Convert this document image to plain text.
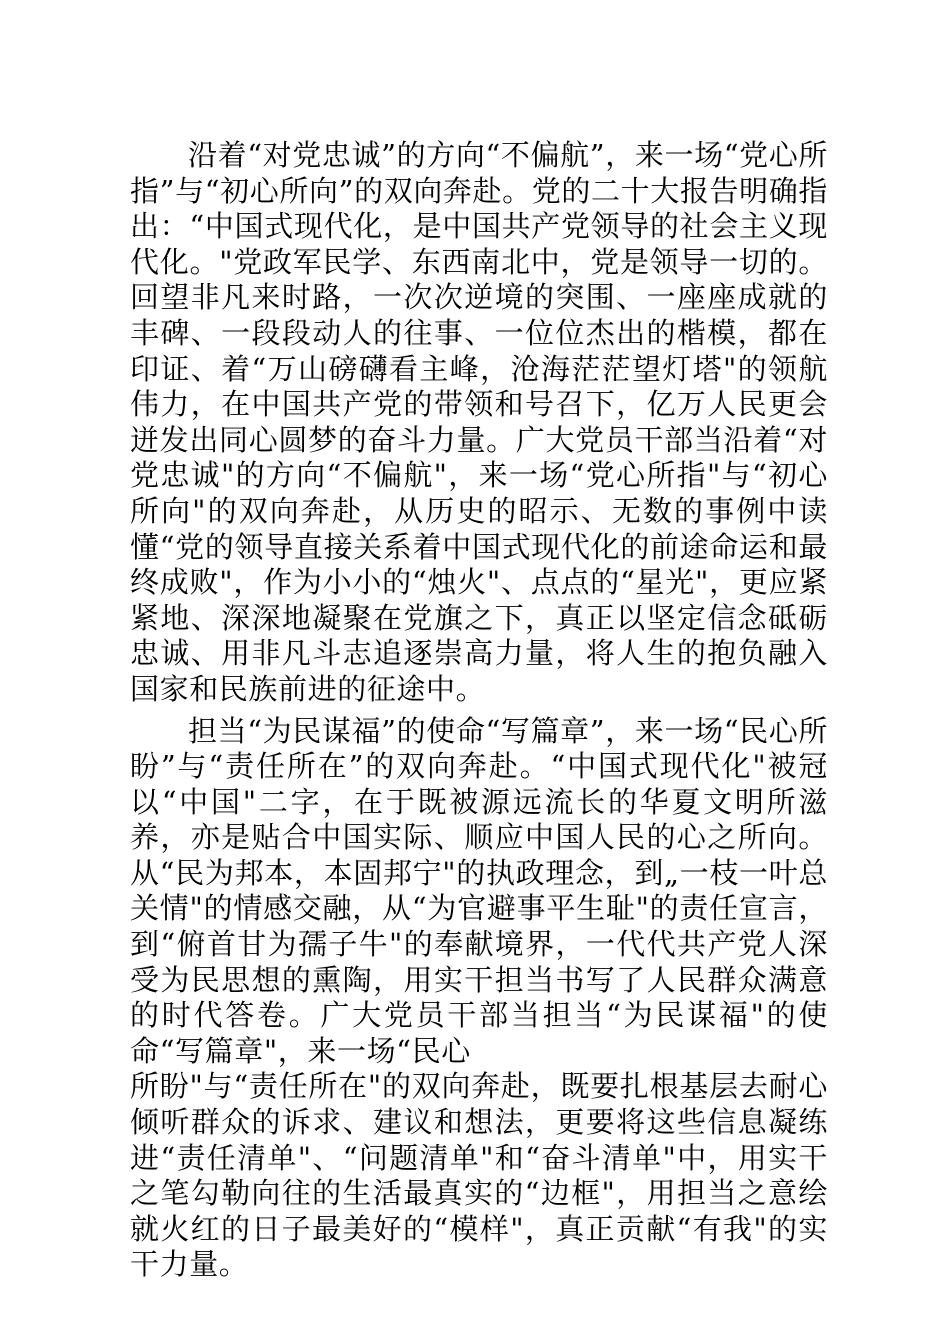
沿着“对党忠诚”的方向“不偏航”，来一场“党心所指”与“初心所向”的双向奔赴。党的二十大报告明确指出：“中国式现代化，是中国共产党领导的社会主义现代化。"党政军民学、东西南北中，党是领导一切的。回望非凡来时路，一次次逆境的突围、一座座成就的丰碑、一段段动人的往事、一位位杰出的楷模，都在印证、着“万山磅礴看主峰，沧海茫茫望灯塔"的领航伟力，在中国共产党的带领和号召下，亿万人民更会迸发出同心圆梦的奋斗力量。广大党员干部当沿着“对党忠诚"的方向“不偏航"，来一场“党心所指"与“初心所向"的双向奔赴，从历史的昭示、无数的事例中读懂“党的领导直接关系着中国式现代化的前途命运和最终成败"，作为小小的“烛火"、点点的“星光"，更应紧紧地、深深地凝聚在党旗之下，真正以坚定信念砥砺忠诚、用非凡斗志追逐崇高力量，将人生的抱负融入国家和民族前进的征途中。

担当“为民谋福”的使命“写篇章”，来一场“民心所盼”与“责任所在”的双向奔赴。“中国式现代化"被冠以“中国"二字，在于既被源远流长的华夏文明所滋养，亦是贴合中国实际、顺应中国人民的心之所向。从“民为邦本，本固邦宁"的执政理念，到„一枝一叶总关情"的情感交融，从“为官避事平生耻"的责任宣言，到“俯首甘为孺子牛"的奉献境界，一代代共产党人深受为民思想的熏陶，用实干担当书写了人民群众满意的时代答卷。广大党员干部当担当“为民谋福"的使命“写篇章"，来一场“民心

所盼"与“责任所在"的双向奔赴，既要扎根基层去耐心倾听群众的诉求、建议和想法，更要将这些信息凝练进“责任清单"、“问题清单"和“奋斗清单"中，用实干之笔勾勒向往的生活最真实的“边框"，用担当之意绘就火红的日子最美好的“模样"，真正贡献“有我"的实干力量。
